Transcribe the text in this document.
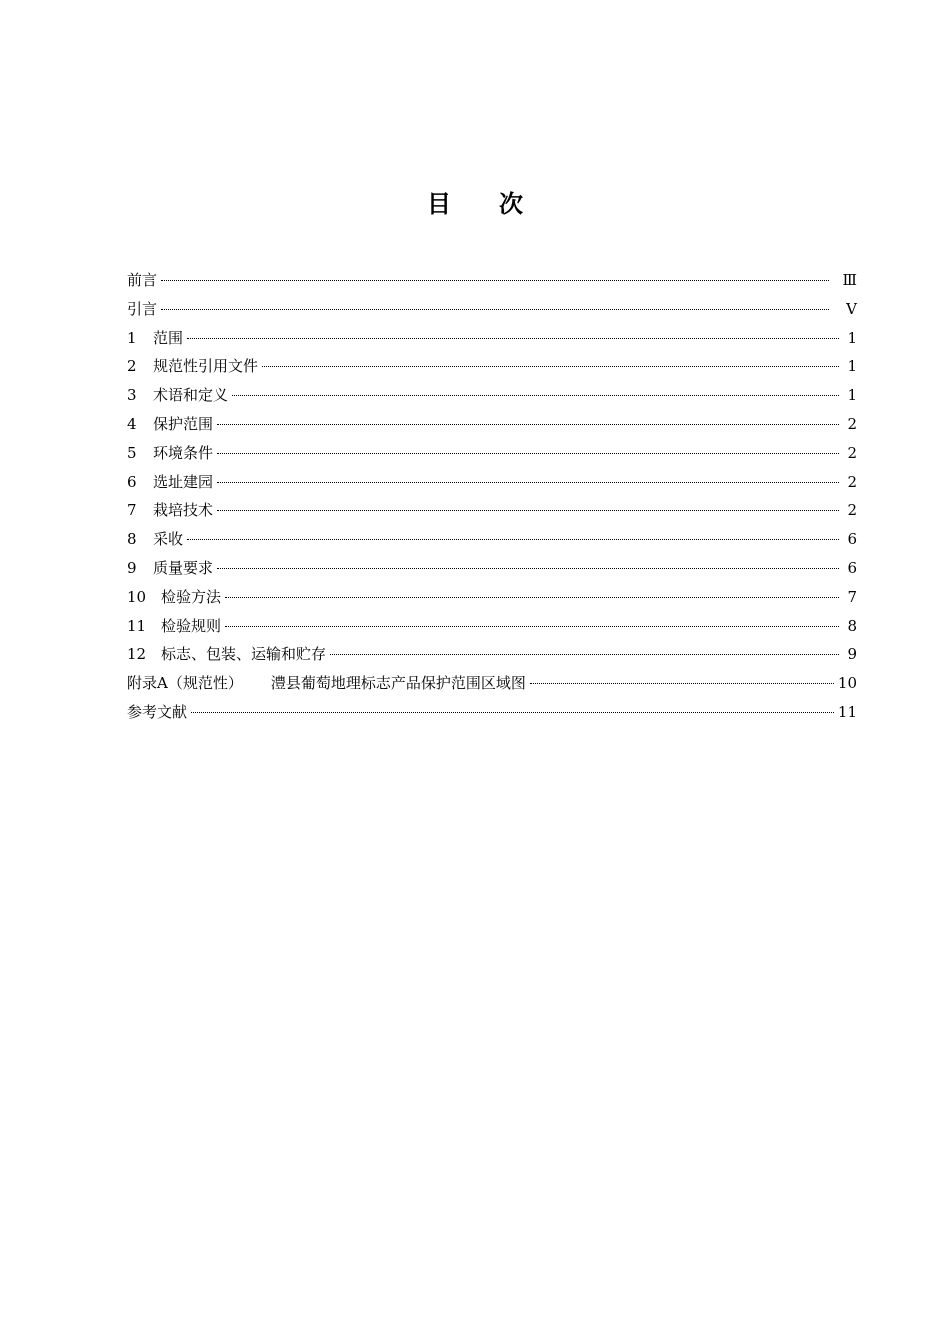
目 次
前言	Ⅲ
引言	Ⅴ
1	范围	1
2	规范性引用文件	1
3	术语和定义	1
4	保护范围	2
5	环境条件	2
6	选址建园	2
7	栽培技术	2
8	采收	6
9	质量要求	6
10 检验方法	7
11 检验规则	8
12 标志、包装、运输和贮存	9
附录A（规范性） 澧县葡萄地理标志产品保护范围区域图	10
参考文献	11
